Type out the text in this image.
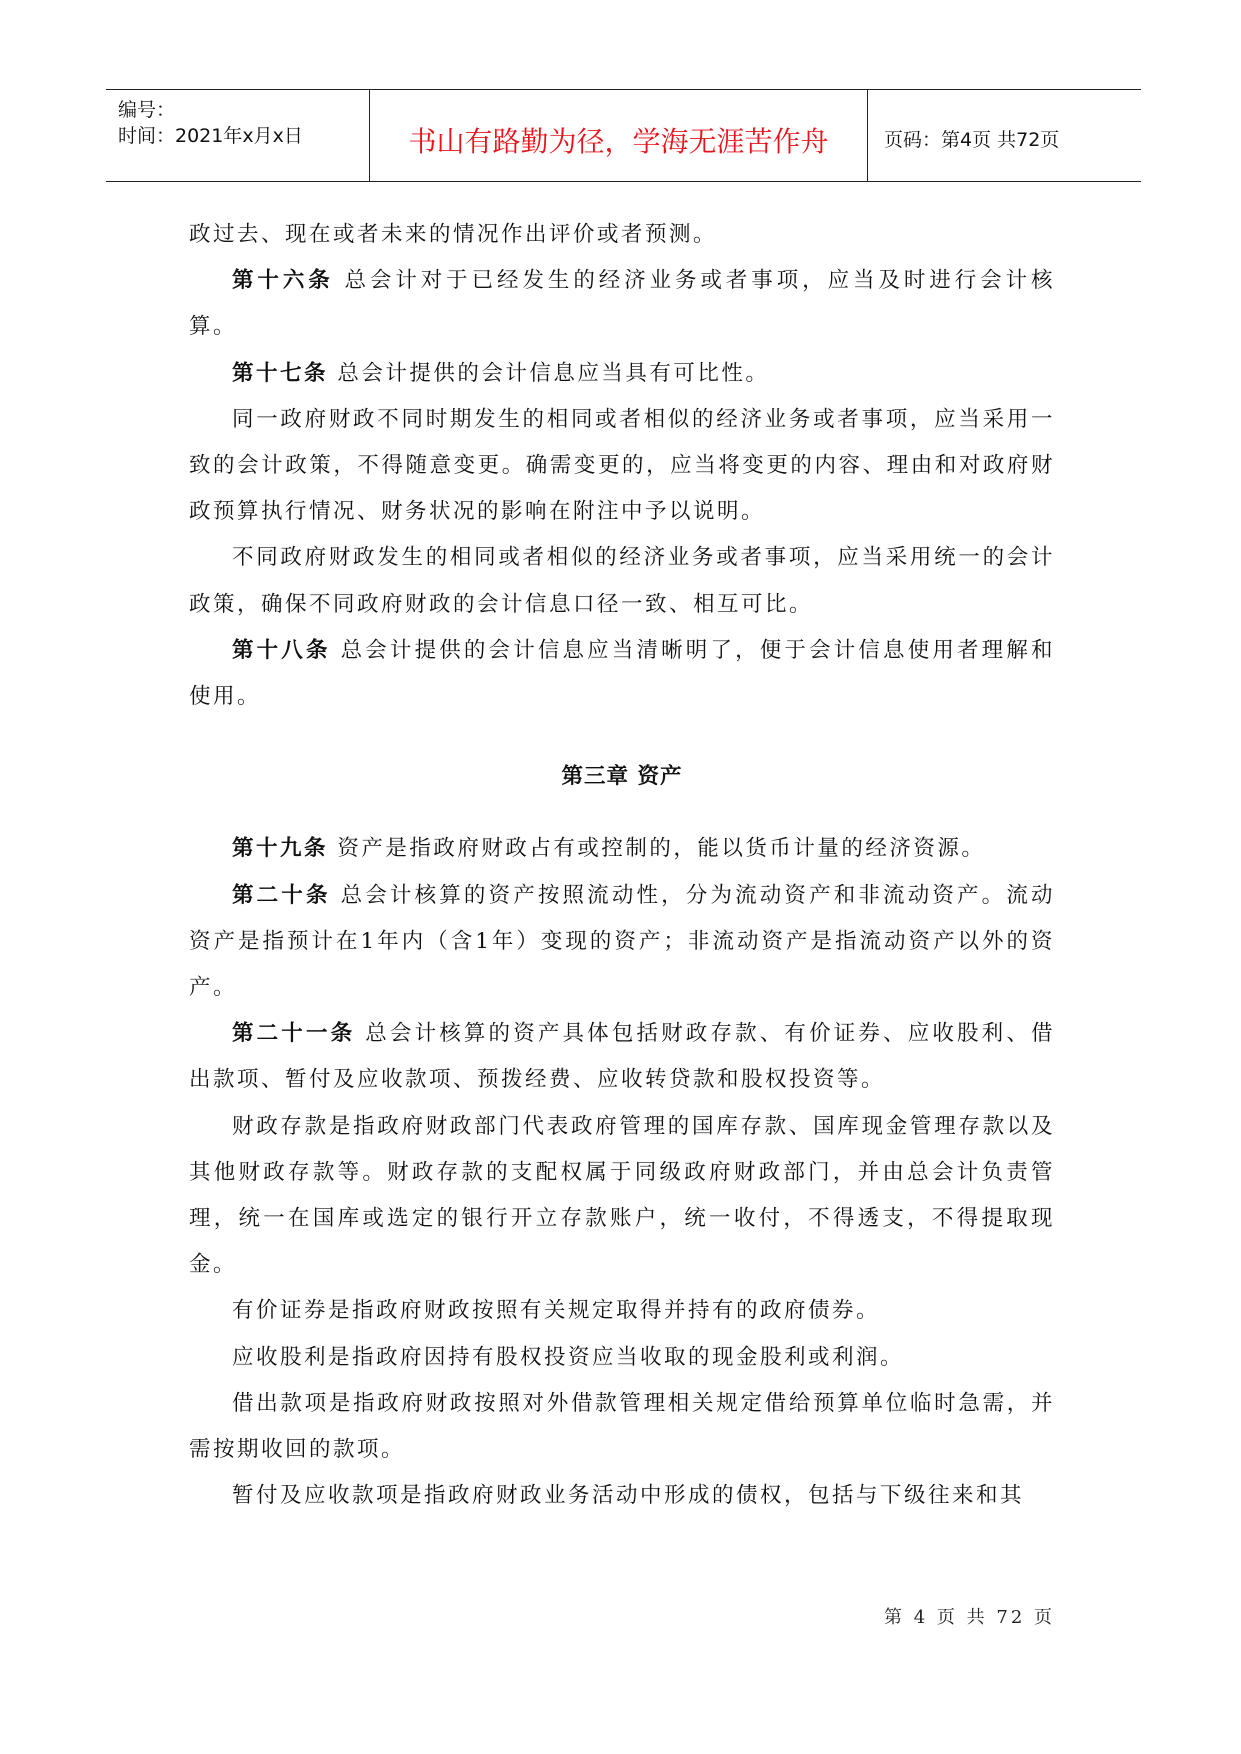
编号：
时间：2021年x月x日	书山有路勤为径，学海无涯苦作舟	页码：第4页 共72页

政过去、现在或者未来的情况作出评价或者预测。

第十六条 总会计对于已经发生的经济业务或者事项，应当及时进行会计核算。

第十七条 总会计提供的会计信息应当具有可比性。

同一政府财政不同时期发生的相同或者相似的经济业务或者事项，应当采用一致的会计政策，不得随意变更。确需变更的，应当将变更的内容、理由和对政府财政预算执行情况、财务状况的影响在附注中予以说明。

不同政府财政发生的相同或者相似的经济业务或者事项，应当采用统一的会计政策，确保不同政府财政的会计信息口径一致、相互可比。

第十八条 总会计提供的会计信息应当清晰明了，便于会计信息使用者理解和使用。

第三章 资产

第十九条 资产是指政府财政占有或控制的，能以货币计量的经济资源。

第二十条 总会计核算的资产按照流动性，分为流动资产和非流动资产。流动资产是指预计在1年内（含1年）变现的资产；非流动资产是指流动资产以外的资产。

第二十一条 总会计核算的资产具体包括财政存款、有价证券、应收股利、借出款项、暂付及应收款项、预拨经费、应收转贷款和股权投资等。

财政存款是指政府财政部门代表政府管理的国库存款、国库现金管理存款以及其他财政存款等。财政存款的支配权属于同级政府财政部门，并由总会计负责管理，统一在国库或选定的银行开立存款账户，统一收付，不得透支，不得提取现金。

有价证券是指政府财政按照有关规定取得并持有的政府债券。

应收股利是指政府因持有股权投资应当收取的现金股利或利润。

借出款项是指政府财政按照对外借款管理相关规定借给预算单位临时急需，并需按期收回的款项。

暂付及应收款项是指政府财政业务活动中形成的债权，包括与下级往来和其

第 4 页 共 72 页
